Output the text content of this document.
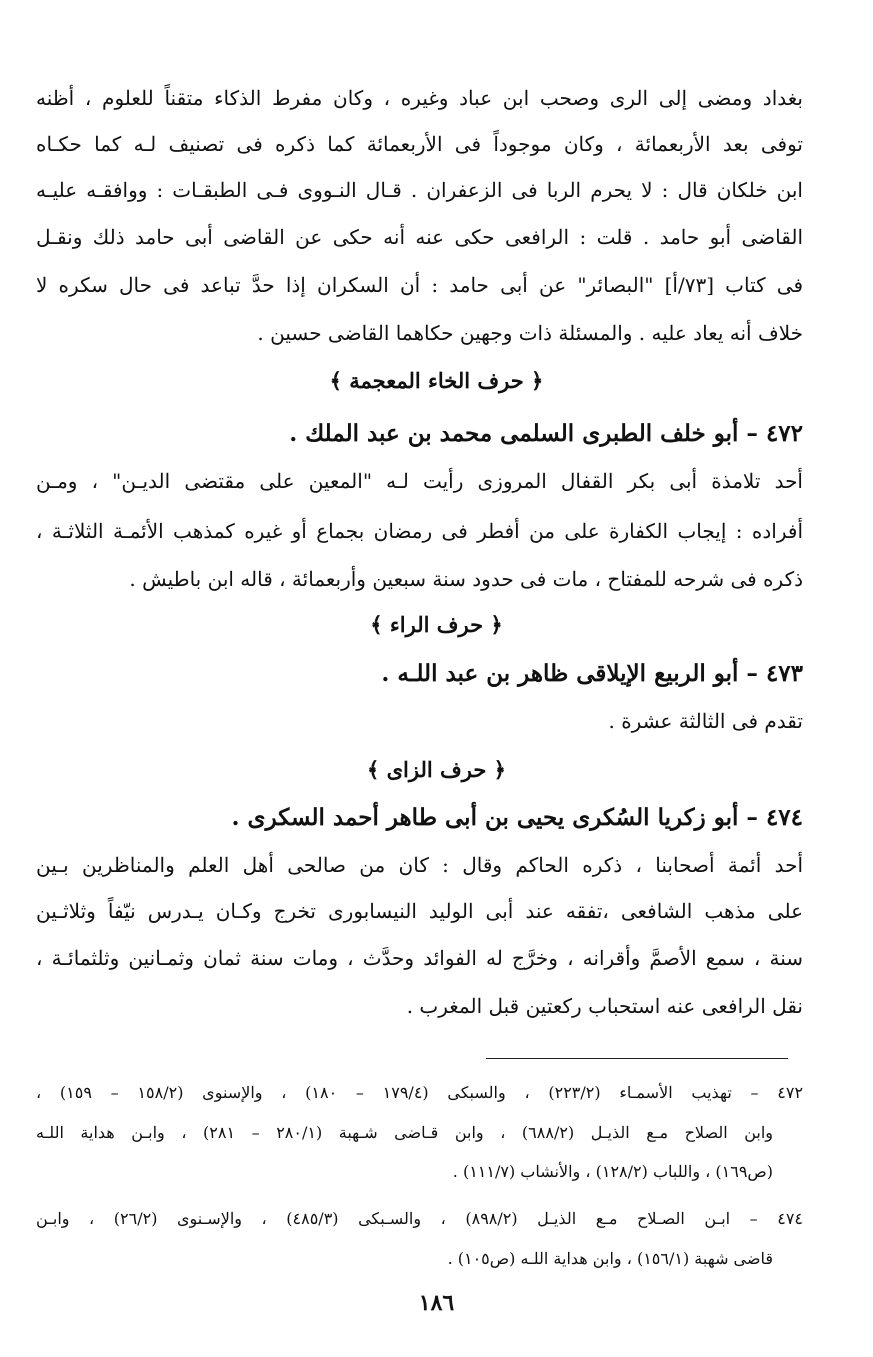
بغداد ومضى إلى الرى وصحب ابن عباد وغيره ، وكان مفرط الذكاء متقناً للعلوم ، أظنه
توفى بعد الأربعمائة ، وكان موجوداً فى الأربعمائة كما ذكره فى تصنيف لـه كما حكـاه
ابن خلكان قال : لا يحرم الربا فى الزعفران . قـال النـووى فـى الطبقـات : ووافقـه عليـه
القاضى أبو حامد . قلت : الرافعى حكى عنه أنه حكى عن القاضى أبى حامد ذلك ونقـل
فى كتاب [٧٣/أ] "البصائر" عن أبى حامد : أن السكران إذا حدَّ تباعد فى حال سكره لا
خلاف أنه يعاد عليه . والمسئلة ذات وجهين حكاهما القاضى حسين .
﴿ حرف الخاء المعجمة ﴾
٤٧٢ – أبو خلف الطبرى السلمى محمد بن عبد الملك .
أحد تلامذة أبى بكر القفال المروزى رأيت لـه "المعين على مقتضى الديـن" ، ومـن
أفراده : إيجاب الكفارة على من أفطر فى رمضان بجماع أو غيره كمذهب الأئمـة الثلاثـة ،
ذكره فى شرحه للمفتاح ، مات فى حدود سنة سبعين وأربعمائة ، قاله ابن باطيش .
﴿ حرف الراء ﴾
٤٧٣ – أبو الربيع الإيلاقى ظاهر بن عبد اللـه .
تقدم فى الثالثة عشرة .
﴿ حرف الزاى ﴾
٤٧٤ – أبو زكريا السُكرى يحيى بن أبى طاهر أحمد السكرى .
أحد أئمة أصحابنا ، ذكره الحاكم وقال : كان من صالحى أهل العلم والمناظرين بـين
على مذهب الشافعى ،تفقه عند أبى الوليد النيسابورى تخرج وكـان يـدرس نيّفاً وثلاثـين
سنة ، سمع الأصمَّ وأقرانه ، وخرَّج له الفوائد وحدَّث ، ومات سنة ثمان وثمـانين وثلثمائـة ،
نقل الرافعى عنه استحباب ركعتين قبل المغرب .
٤٧٢ – تهذيب الأسمـاء (٢٢٣/٢) ، والسبكى (١٧٩/٤ – ١٨٠) ، والإسنوى (١٥٨/٢ – ١٥٩) ،
وابن الصلاح مـع الذيـل (٦٨٨/٢) ، وابن قـاضى شـهبة (٢٨٠/١ – ٢٨١) ، وابـن هداية اللـه
(ص١٦٩) ، واللباب (١٢٨/٢) ، والأنشاب (١١١/٧) .
٤٧٤ – ابـن الصـلاح مـع الذيـل (٨٩٨/٢) ، والسـبكى (٤٨٥/٣) ، والإسـنوى (٢٦/٢) ، وابـن
قاضى شهبة (١٥٦/١) ، وابن هداية اللـه (ص١٠٥) .
١٨٦
